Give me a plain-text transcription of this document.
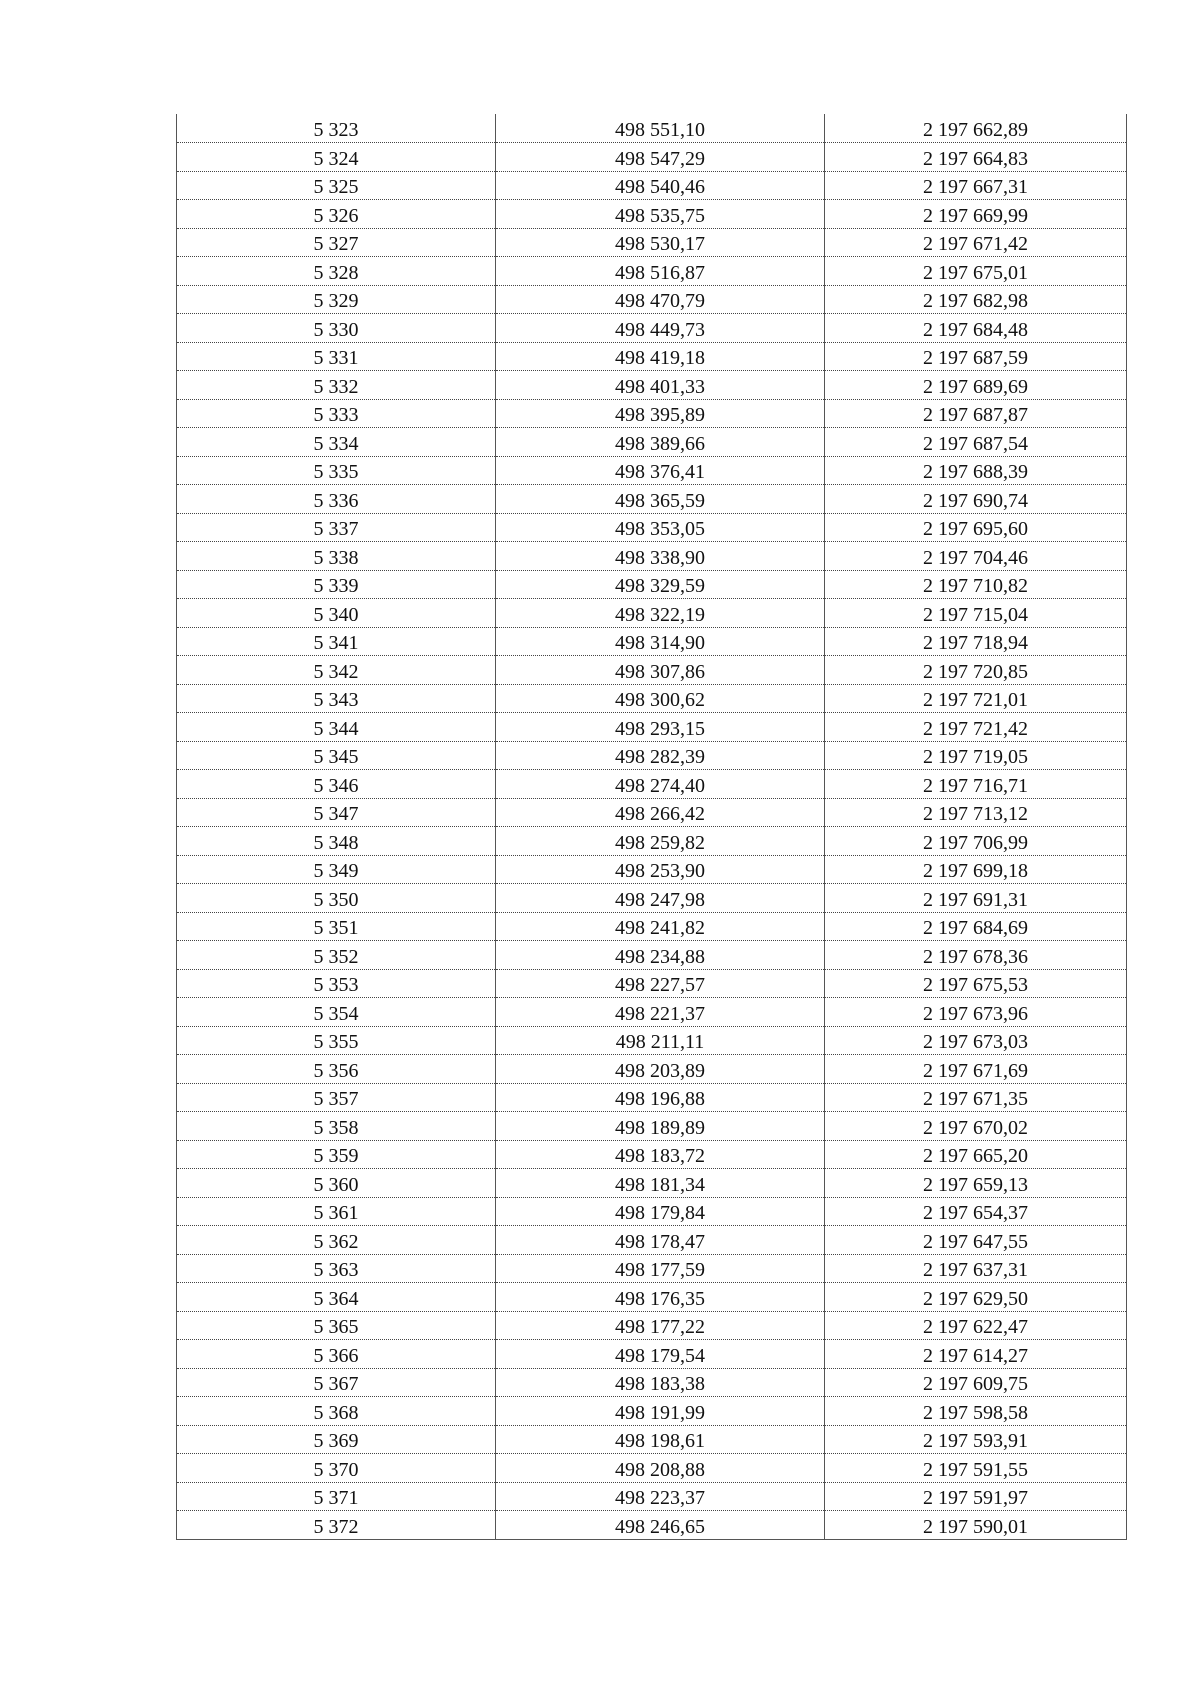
5 323	498 551,10	2 197 662,89
5 324	498 547,29	2 197 664,83
5 325	498 540,46	2 197 667,31
5 326	498 535,75	2 197 669,99
5 327	498 530,17	2 197 671,42
5 328	498 516,87	2 197 675,01
5 329	498 470,79	2 197 682,98
5 330	498 449,73	2 197 684,48
5 331	498 419,18	2 197 687,59
5 332	498 401,33	2 197 689,69
5 333	498 395,89	2 197 687,87
5 334	498 389,66	2 197 687,54
5 335	498 376,41	2 197 688,39
5 336	498 365,59	2 197 690,74
5 337	498 353,05	2 197 695,60
5 338	498 338,90	2 197 704,46
5 339	498 329,59	2 197 710,82
5 340	498 322,19	2 197 715,04
5 341	498 314,90	2 197 718,94
5 342	498 307,86	2 197 720,85
5 343	498 300,62	2 197 721,01
5 344	498 293,15	2 197 721,42
5 345	498 282,39	2 197 719,05
5 346	498 274,40	2 197 716,71
5 347	498 266,42	2 197 713,12
5 348	498 259,82	2 197 706,99
5 349	498 253,90	2 197 699,18
5 350	498 247,98	2 197 691,31
5 351	498 241,82	2 197 684,69
5 352	498 234,88	2 197 678,36
5 353	498 227,57	2 197 675,53
5 354	498 221,37	2 197 673,96
5 355	498 211,11	2 197 673,03
5 356	498 203,89	2 197 671,69
5 357	498 196,88	2 197 671,35
5 358	498 189,89	2 197 670,02
5 359	498 183,72	2 197 665,20
5 360	498 181,34	2 197 659,13
5 361	498 179,84	2 197 654,37
5 362	498 178,47	2 197 647,55
5 363	498 177,59	2 197 637,31
5 364	498 176,35	2 197 629,50
5 365	498 177,22	2 197 622,47
5 366	498 179,54	2 197 614,27
5 367	498 183,38	2 197 609,75
5 368	498 191,99	2 197 598,58
5 369	498 198,61	2 197 593,91
5 370	498 208,88	2 197 591,55
5 371	498 223,37	2 197 591,97
5 372	498 246,65	2 197 590,01
